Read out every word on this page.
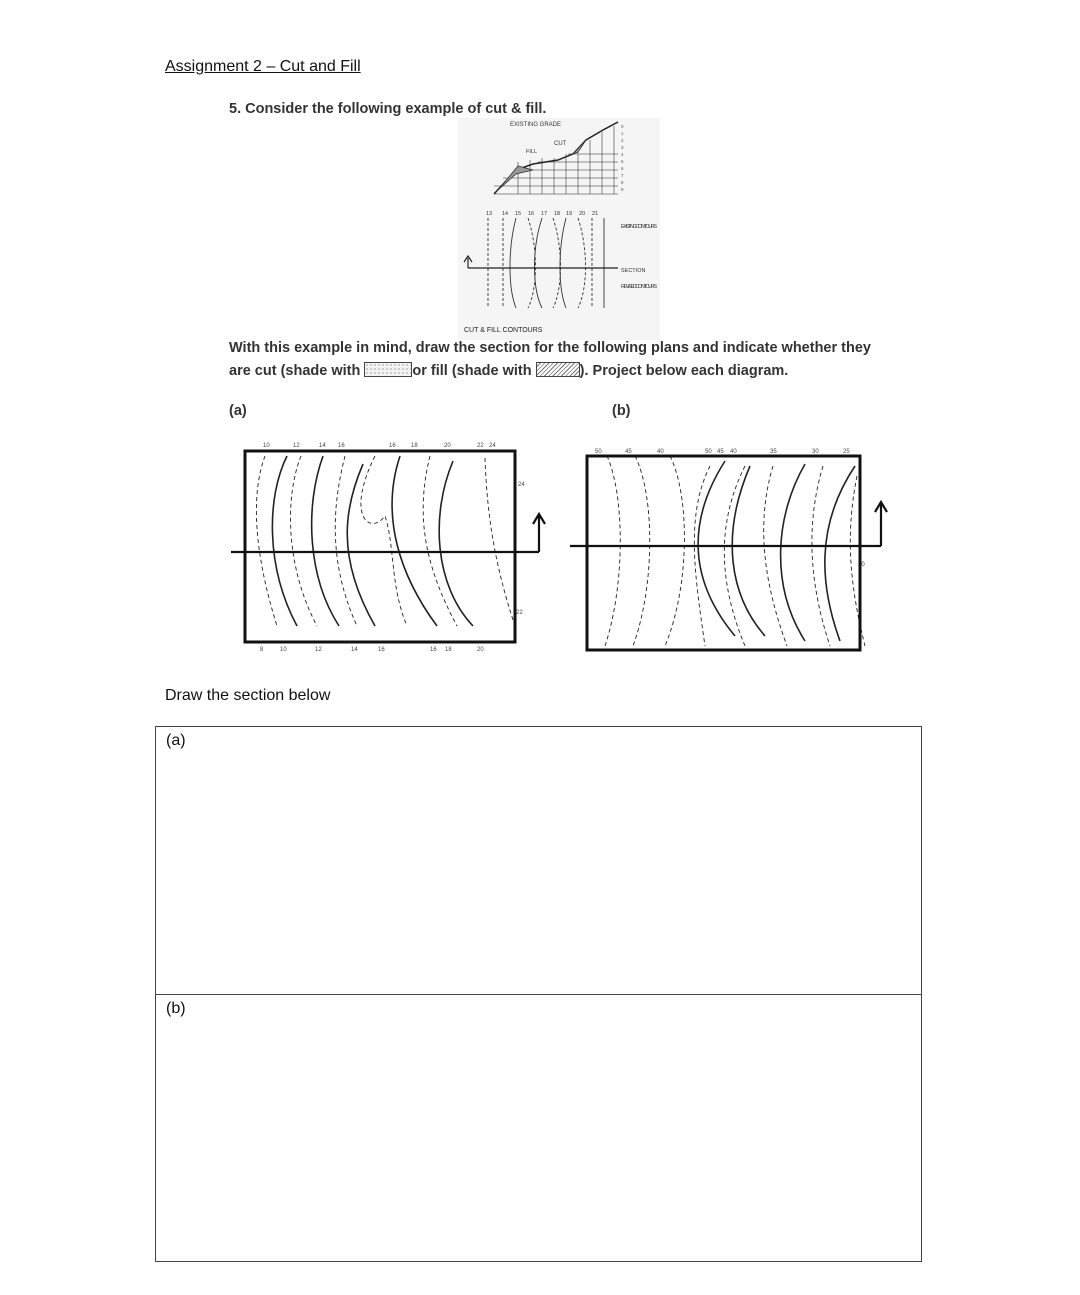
Assignment 2 – Cut and Fill
5. Consider the following example of cut & fill.
EXISTING GRADE
CUT
FILL
0
1
2
3
4
5
6
7
8
9
13 14 15 16 17 18 19 20 21
EXISTING CONTOURS
SECTION
REVISED CONTOURS
CUT & FILL CONTOURS
With this example in mind, draw the section for the following plans and indicate whether they
are cut (shade with	or fill (shade with	). Project below each diagram.
(a)	(b)
10	12	14 16	16	18	20	22 24
8	10	12	14	16	16 18	20
24
22
50	45	40	50 45 40	35	30	25
20
Draw the section below
(a)
(b)
